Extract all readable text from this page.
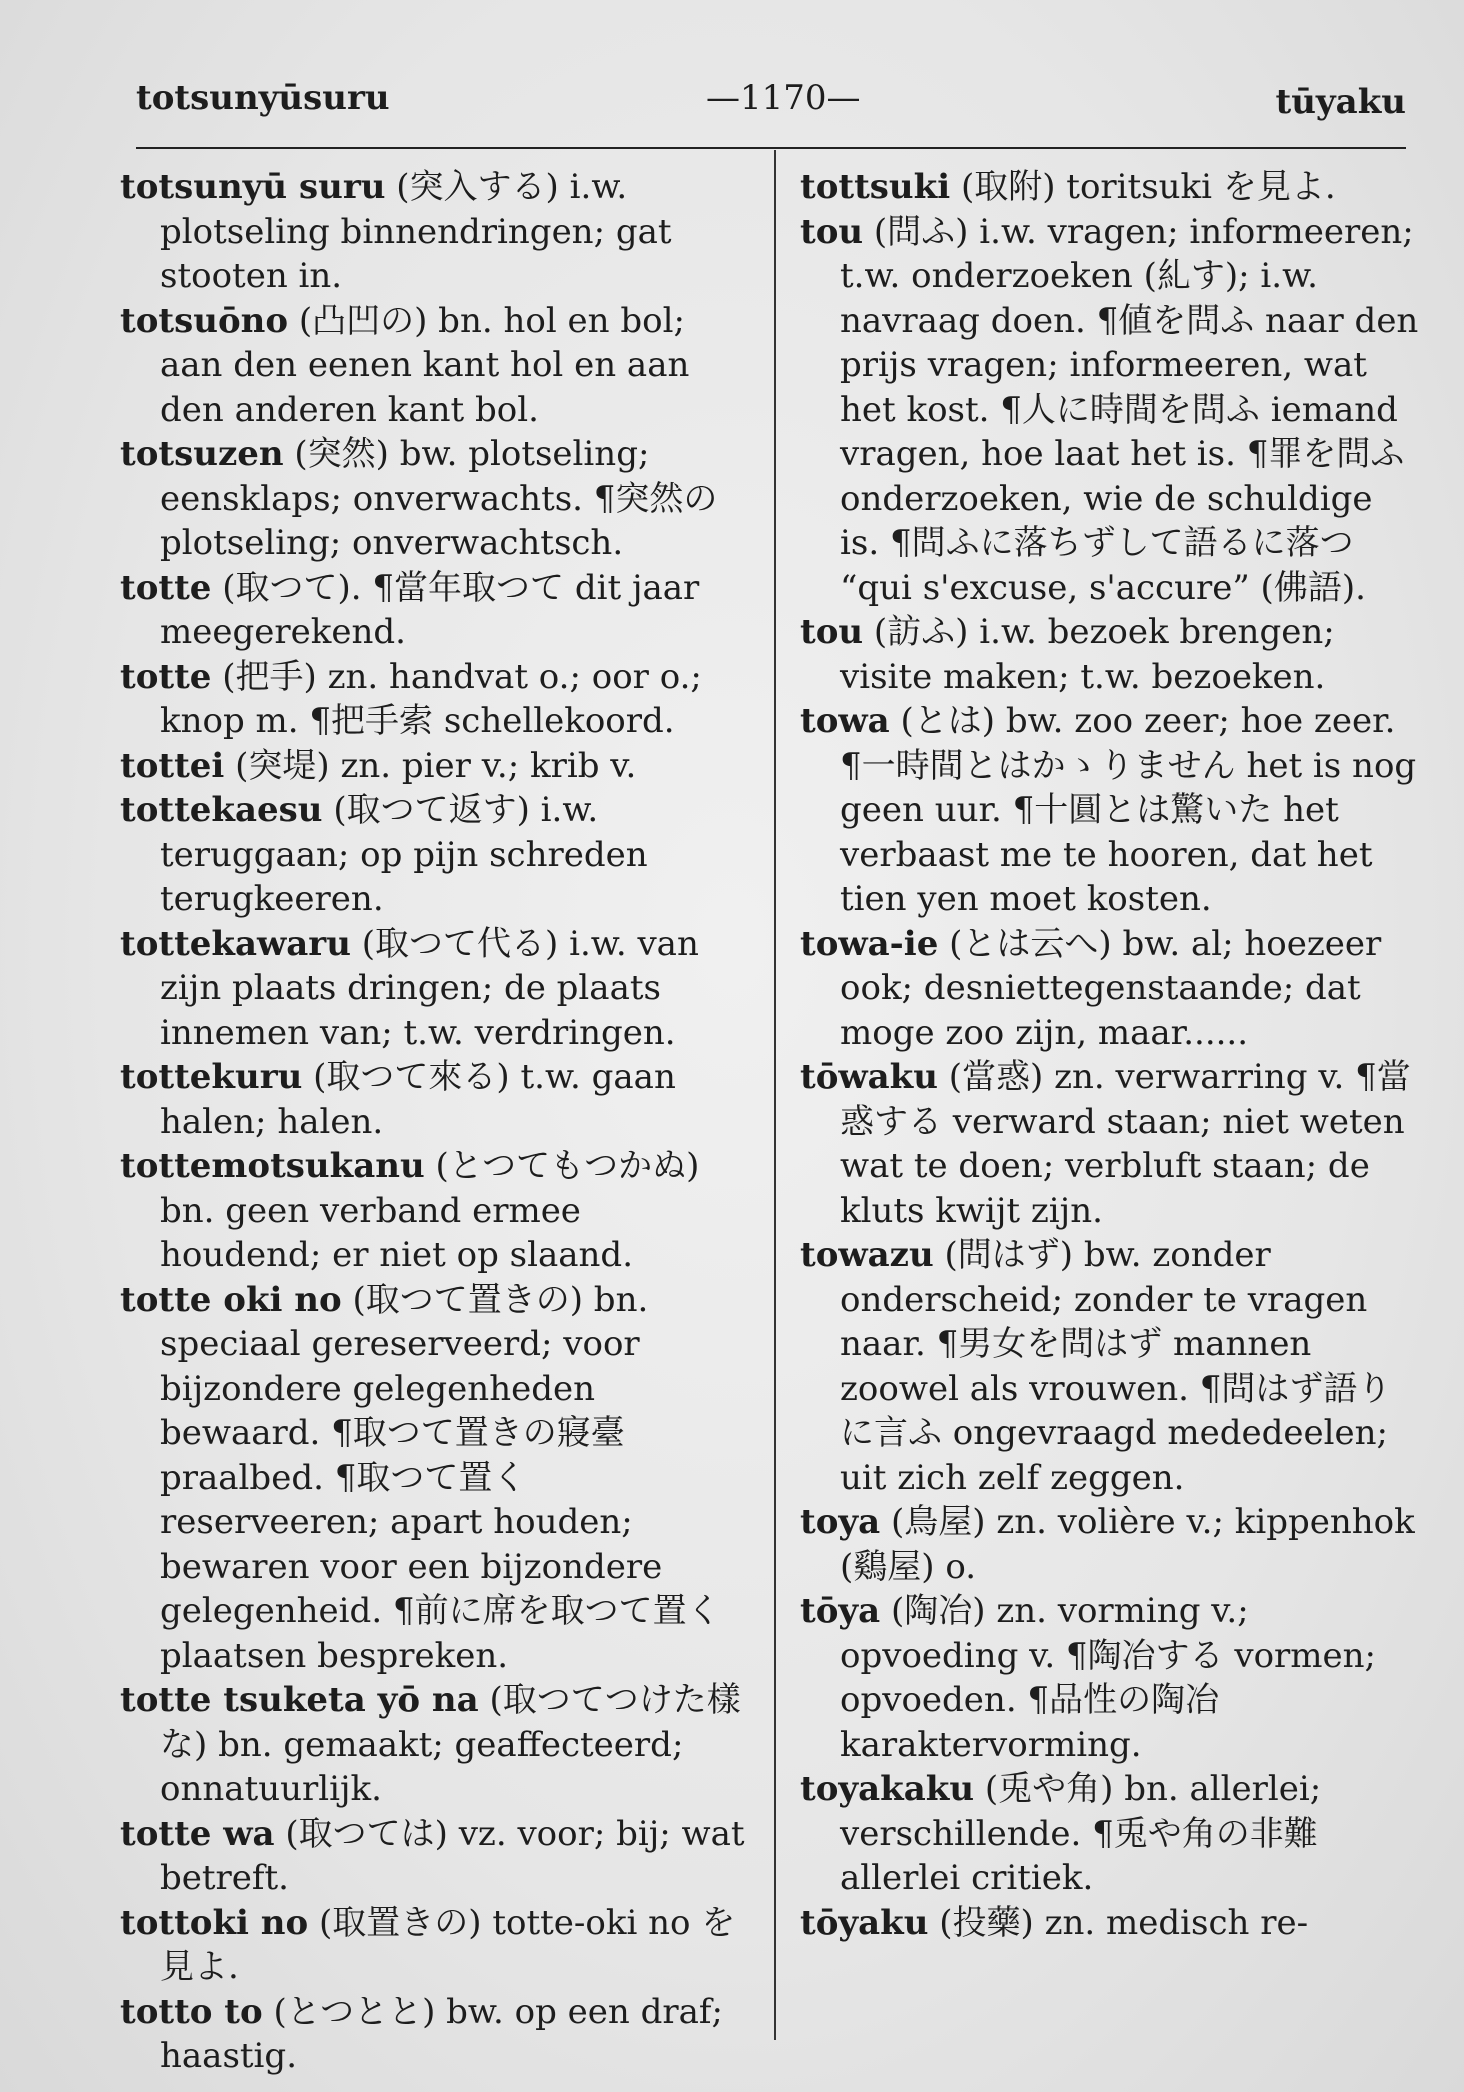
totsunyūsuru	—1170—	tūyaku

totsunyū suru (突入する) i.w. plotseling binnendringen; gat stooten in.

totsuōno (凸凹の) bn. hol en bol; aan den eenen kant hol en aan den anderen kant bol.

totsuzen (突然) bw. plotseling; eensklaps; onverwachts. ¶突然の plotseling; onverwachtsch.

totte (取つて). ¶當年取つて dit jaar meegerekend.

totte (把手) zn. handvat o.; oor o.; knop m. ¶把手索 schellekoord.

tottei (突堤) zn. pier v.; krib v.

tottekaesu (取つて返す) i.w. teruggaan; op pijn schreden terugkeeren.

tottekawaru (取つて代る) i.w. van zijn plaats dringen; de plaats innemen van; t.w. verdringen.

tottekuru (取つて來る) t.w. gaan halen; halen.

tottemotsukanu (とつてもつかぬ) bn. geen verband ermee houdend; er niet op slaand.

totte oki no (取つて置きの) bn. speciaal gereserveerd; voor bijzondere gelegenheden bewaard. ¶取つて置きの寢臺 praalbed. ¶取つて置く reserveeren; apart houden; bewaren voor een bijzondere gelegenheid. ¶前に席を取つて置く plaatsen bespreken.

totte tsuketa yō na (取つてつけた樣な) bn. gemaakt; geaffecteerd; onnatuurlijk.

totte wa (取つては) vz. voor; bij; wat betreft.

tottoki no (取置きの) totte-oki no を見よ.

totto to (とつとと) bw. op een draf; haastig.

tottsuki (取附) toritsuki を見よ.

tou (問ふ) i.w. vragen; informeeren; t.w. onderzoeken (糺す); i.w. navraag doen. ¶値を問ふ naar den prijs vragen; informeeren, wat het kost. ¶人に時間を問ふ iemand vragen, hoe laat het is. ¶罪を問ふ onderzoeken, wie de schuldige is. ¶問ふに落ちずして語るに落つ “qui s'excuse, s'accure” (佛語).

tou (訪ふ) i.w. bezoek brengen; visite maken; t.w. bezoeken.

towa (とは) bw. zoo zeer; hoe zeer. ¶一時間とはかゝりません het is nog geen uur. ¶十圓とは驚いた het verbaast me te hooren, dat het tien yen moet kosten.

towa-ie (とは云へ) bw. al; hoezeer ook; desniettegenstaande; dat moge zoo zijn, maar......

tōwaku (當惑) zn. verwarring v. ¶當惑する verward staan; niet weten wat te doen; verbluft staan; de kluts kwijt zijn.

towazu (問はず) bw. zonder onderscheid; zonder te vragen naar. ¶男女を問はず mannen zoowel als vrouwen. ¶問はず語りに言ふ ongevraagd mededeelen; uit zich zelf zeggen.

toya (鳥屋) zn. volière v.; kippenhok (鷄屋) o.

tōya (陶冶) zn. vorming v.; opvoeding v. ¶陶冶する vormen; opvoeden. ¶品性の陶冶 karaktervorming.

toyakaku (兎や角) bn. allerlei; verschillende. ¶兎や角の非難 allerlei critiek.

tōyaku (投藥) zn. medisch re-
